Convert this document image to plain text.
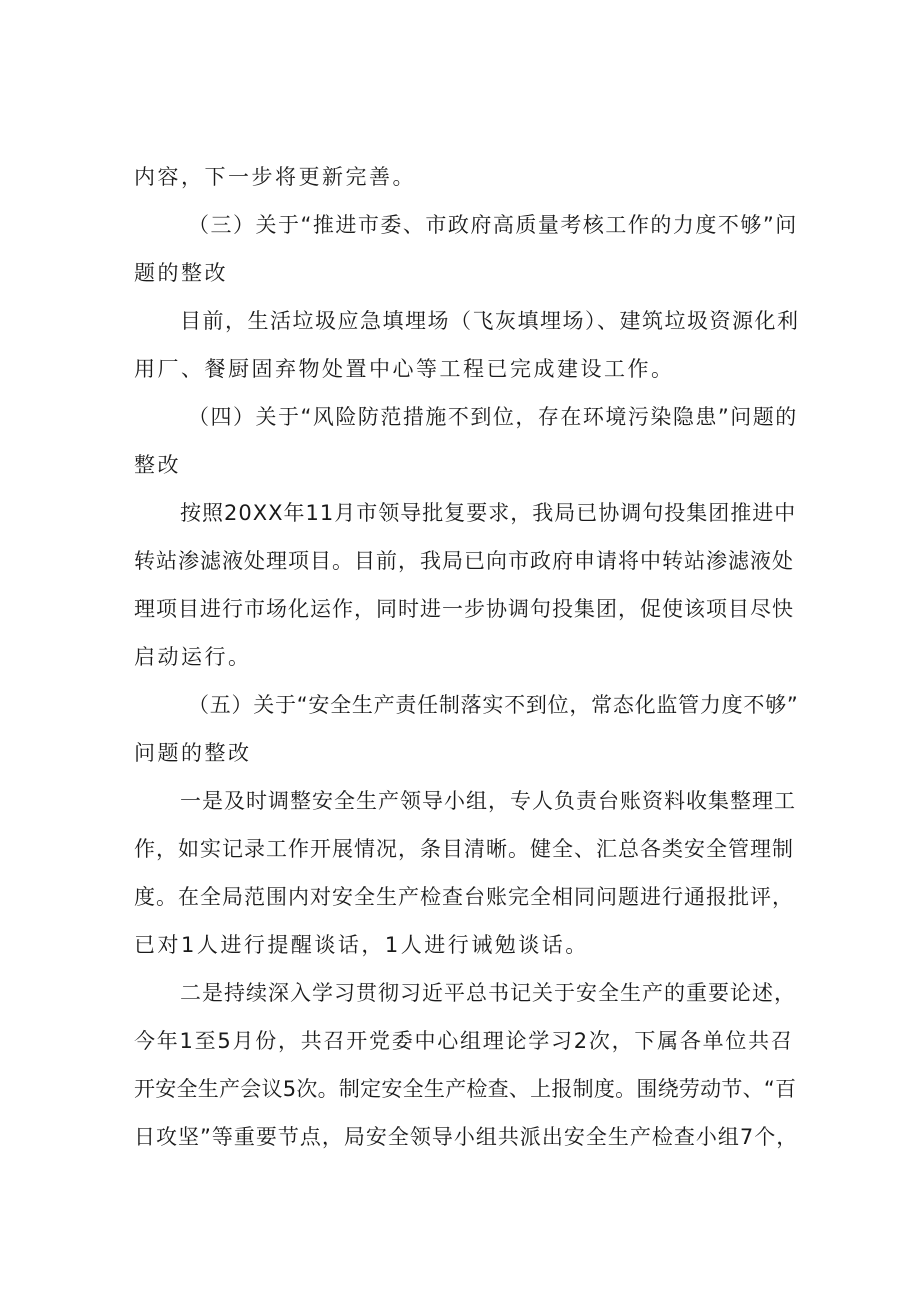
内容，下一步将更新完善。
（三）关于“推进市委、市政府高质量考核工作的力度不够”问
题的整改
目前，生活垃圾应急填埋场（飞灰填埋场）、建筑垃圾资源化利
用厂、餐厨固弃物处置中心等工程已完成建设工作。
（四）关于“风险防范措施不到位，存在环境污染隐患”问题的
整改
按照20XX年11月市领导批复要求，我局已协调句投集团推进中
转站渗滤液处理项目。目前，我局已向市政府申请将中转站渗滤液处
理项目进行市场化运作，同时进一步协调句投集团，促使该项目尽快
启动运行。
（五）关于“安全生产责任制落实不到位，常态化监管力度不够”
问题的整改
一是及时调整安全生产领导小组，专人负责台账资料收集整理工
作，如实记录工作开展情况，条目清晰。健全、汇总各类安全管理制
度。在全局范围内对安全生产检查台账完全相同问题进行通报批评，
已对1人进行提醒谈话，1人进行诫勉谈话。
二是持续深入学习贯彻习近平总书记关于安全生产的重要论述，
今年1至5月份，共召开党委中心组理论学习2次，下属各单位共召
开安全生产会议5次。制定安全生产检查、上报制度。围绕劳动节、“百
日攻坚”等重要节点，局安全领导小组共派出安全生产检查小组7个，
